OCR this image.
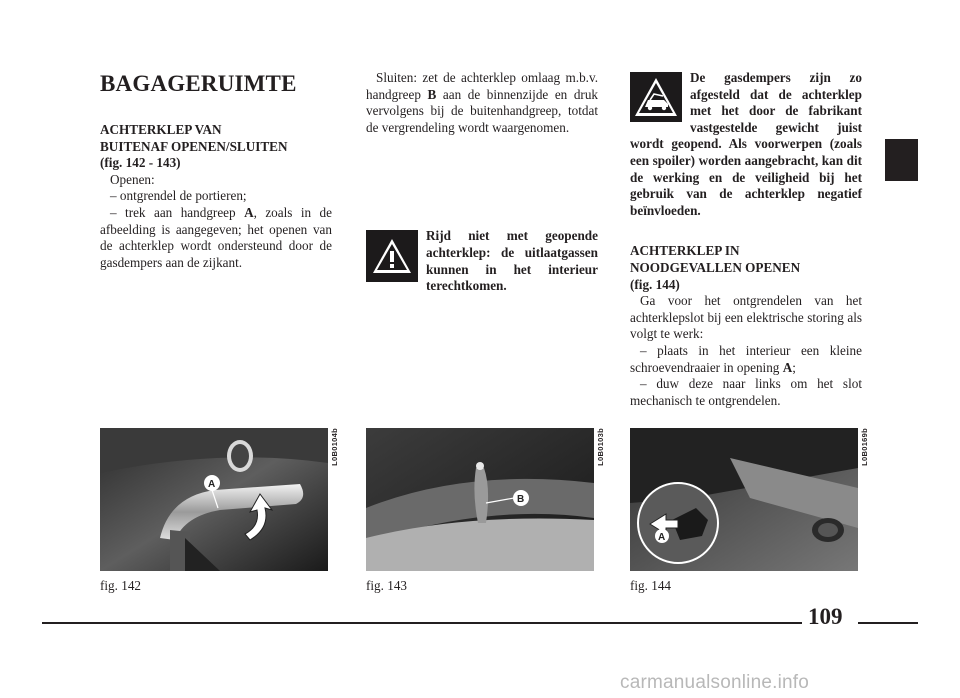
BAGAGERUIMTE
ACHTERKLEP VAN
BUITENAF OPENEN/SLUITEN
(fig. 142 - 143)

Openen:

– ontgrendel de portieren;

– trek aan handgreep A, zoals in de afbeelding is aangegeven; het openen van de achterklep wordt ondersteund door de gasdempers aan de zijkant.

Sluiten: zet de achterklep omlaag m.b.v. handgreep B aan de binnenzijde en druk vervolgens bij de buitenhandgreep, totdat de vergrendeling wordt waargenomen.

Rijd niet met geopende achterklep: de uitlaatgassen kunnen in het interieur terechtkomen.
De gasdempers zijn zo afgesteld dat de achterklep met het door de fabrikant vastgestelde gewicht juist wordt geopend. Als voorwerpen (zoals een spoiler) worden aangebracht, kan dit de werking en de veiligheid bij het gebruik van de achterklep negatief beïnvloeden.
ACHTERKLEP IN
NOODGEVALLEN OPENEN
(fig. 144)

Ga voor het ontgrendelen van het achterklepslot bij een elektrische storing als volgt te werk:

– plaats in het interieur een kleine schroevendraaier in opening A;

– duw deze naar links om het slot mechanisch te ontgrendelen.

A
L0B0104b
fig. 142
B
L0B0103b
fig. 143
A
L0B0169b
fig. 144
109
carmanualsonline.info
